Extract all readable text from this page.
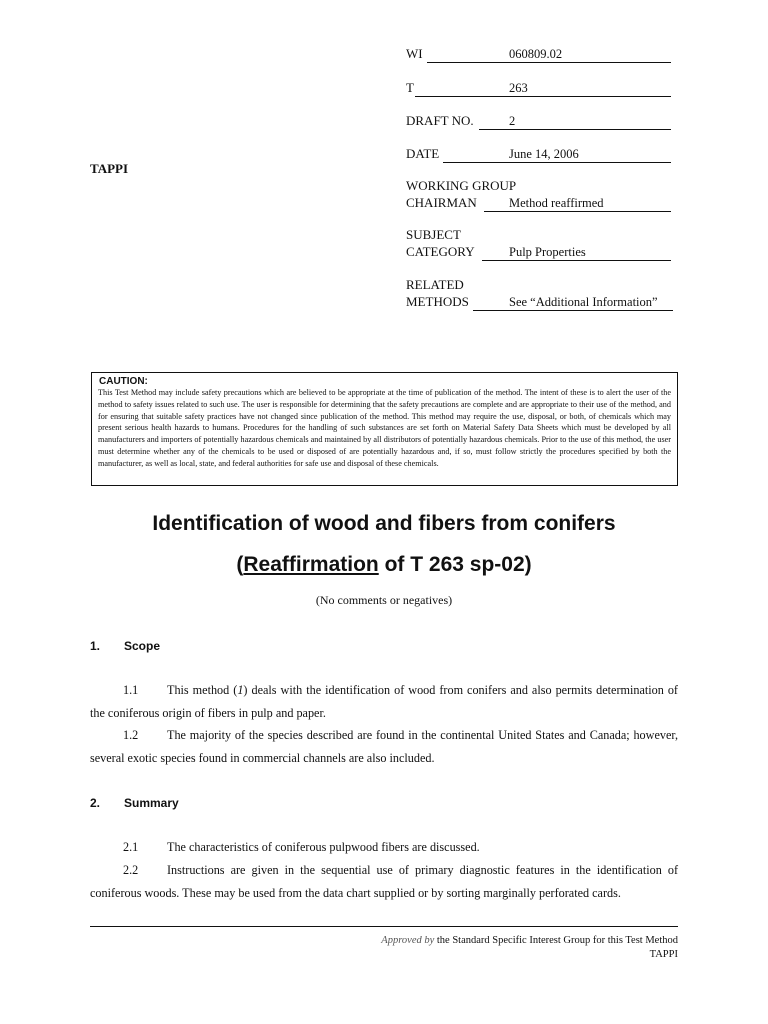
WI	060809.02
T	263
DRAFT NO.	2
DATE	June 14, 2006
WORKING GROUP
CHAIRMAN	Method reaffirmed
SUBJECT
CATEGORY	Pulp Properties
RELATED
METHODS	See “Additional Information”
TAPPI
CAUTION:
This Test Method may include safety precautions which are believed to be appropriate at the time of publication of the method. The intent of these is to alert the user of the method to safety issues related to such use. The user is responsible for determining that the safety precautions are complete and are appropriate to their use of the method, and for ensuring that suitable safety practices have not changed since publication of the method. This method may require the use, disposal, or both, of chemicals which may present serious health hazards to humans. Procedures for the handling of such substances are set forth on Material Safety Data Sheets which must be developed by all manufacturers and importers of potentially hazardous chemicals and maintained by all distributors of potentially hazardous chemicals. Prior to the use of this method, the user must determine whether any of the chemicals to be used or disposed of are potentially hazardous and, if so, must follow strictly the procedures specified by both the manufacturer, as well as local, state, and federal authorities for safe use and disposal of these chemicals.
Identification of wood and fibers from conifers
(Reaffirmation of T 263 sp-02)
(No comments or negatives)
1. Scope
1.1 This method (1) deals with the identification of wood from conifers and also permits determination of the coniferous origin of fibers in pulp and paper.
1.2 The majority of the species described are found in the continental United States and Canada; however, several exotic species found in commercial channels are also included.
2. Summary
2.1 The characteristics of coniferous pulpwood fibers are discussed.
2.2 Instructions are given in the sequential use of primary diagnostic features in the identification of coniferous woods. These may be used from the data chart supplied or by sorting marginally perforated cards.
Approved by the Standard Specific Interest Group for this Test Method
TAPPI
